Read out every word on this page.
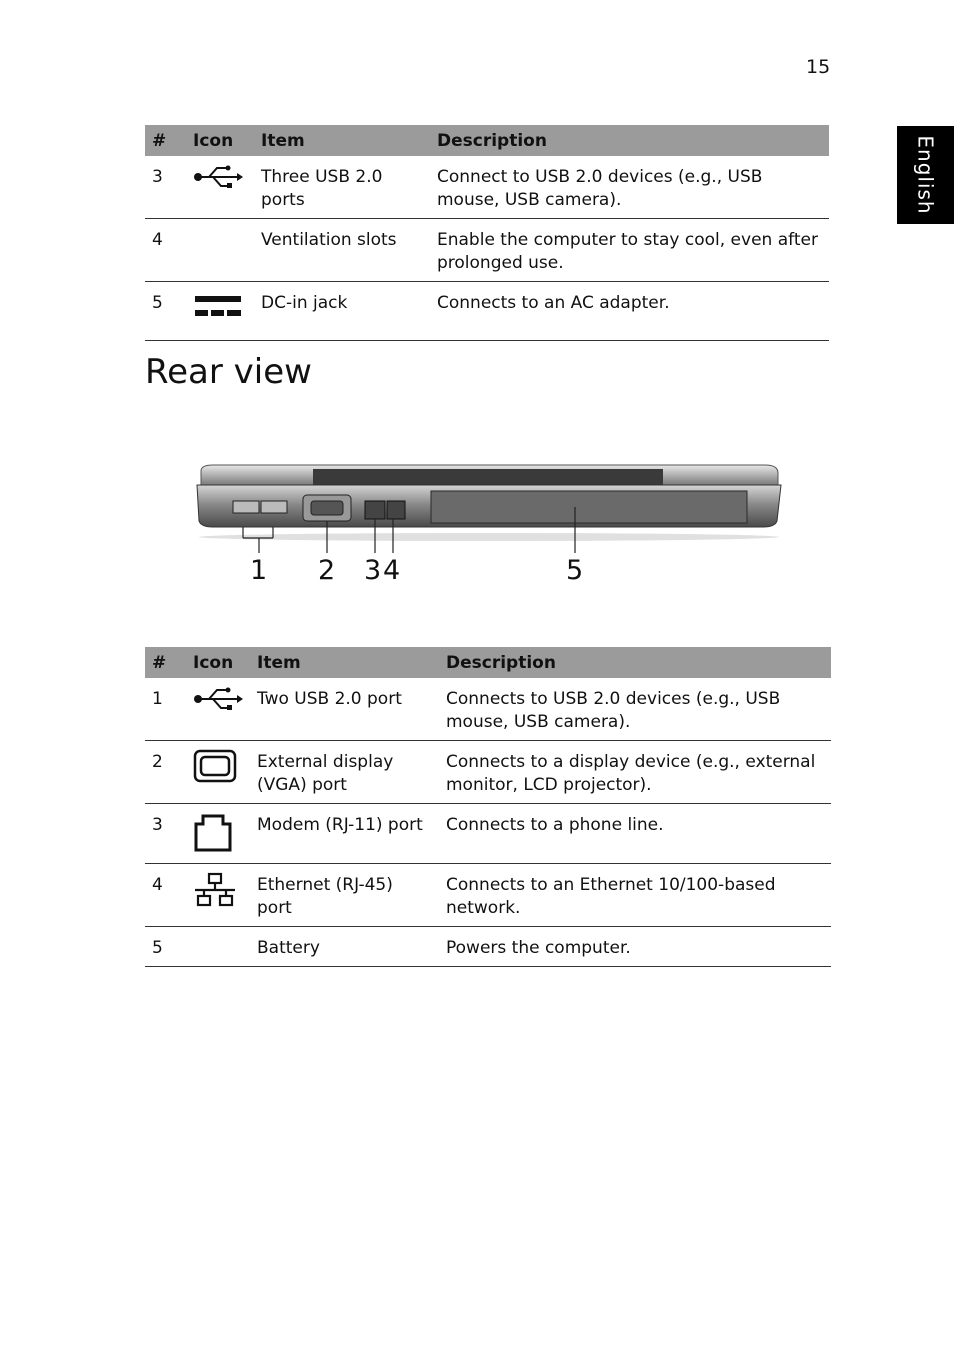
15
English
#	Icon	Item	Description
3		Three USB 2.0 ports	Connect to USB 2.0 devices (e.g., USB mouse, USB camera).
4		Ventilation slots	Enable the computer to stay cool, even after prolonged use.
5		DC-in jack	Connects to an AC adapter.
Rear view
1 2 3 4	5
#	Icon	Item	Description
1		Two USB 2.0 port	Connects to USB 2.0 devices (e.g., USB mouse, USB camera).
2		External display (VGA) port	Connects to a display device (e.g., external monitor, LCD projector).
3		Modem (RJ-11) port	Connects to a phone line.
4		Ethernet (RJ-45) port	Connects to an Ethernet 10/100-based network.
5		Battery	Powers the computer.
